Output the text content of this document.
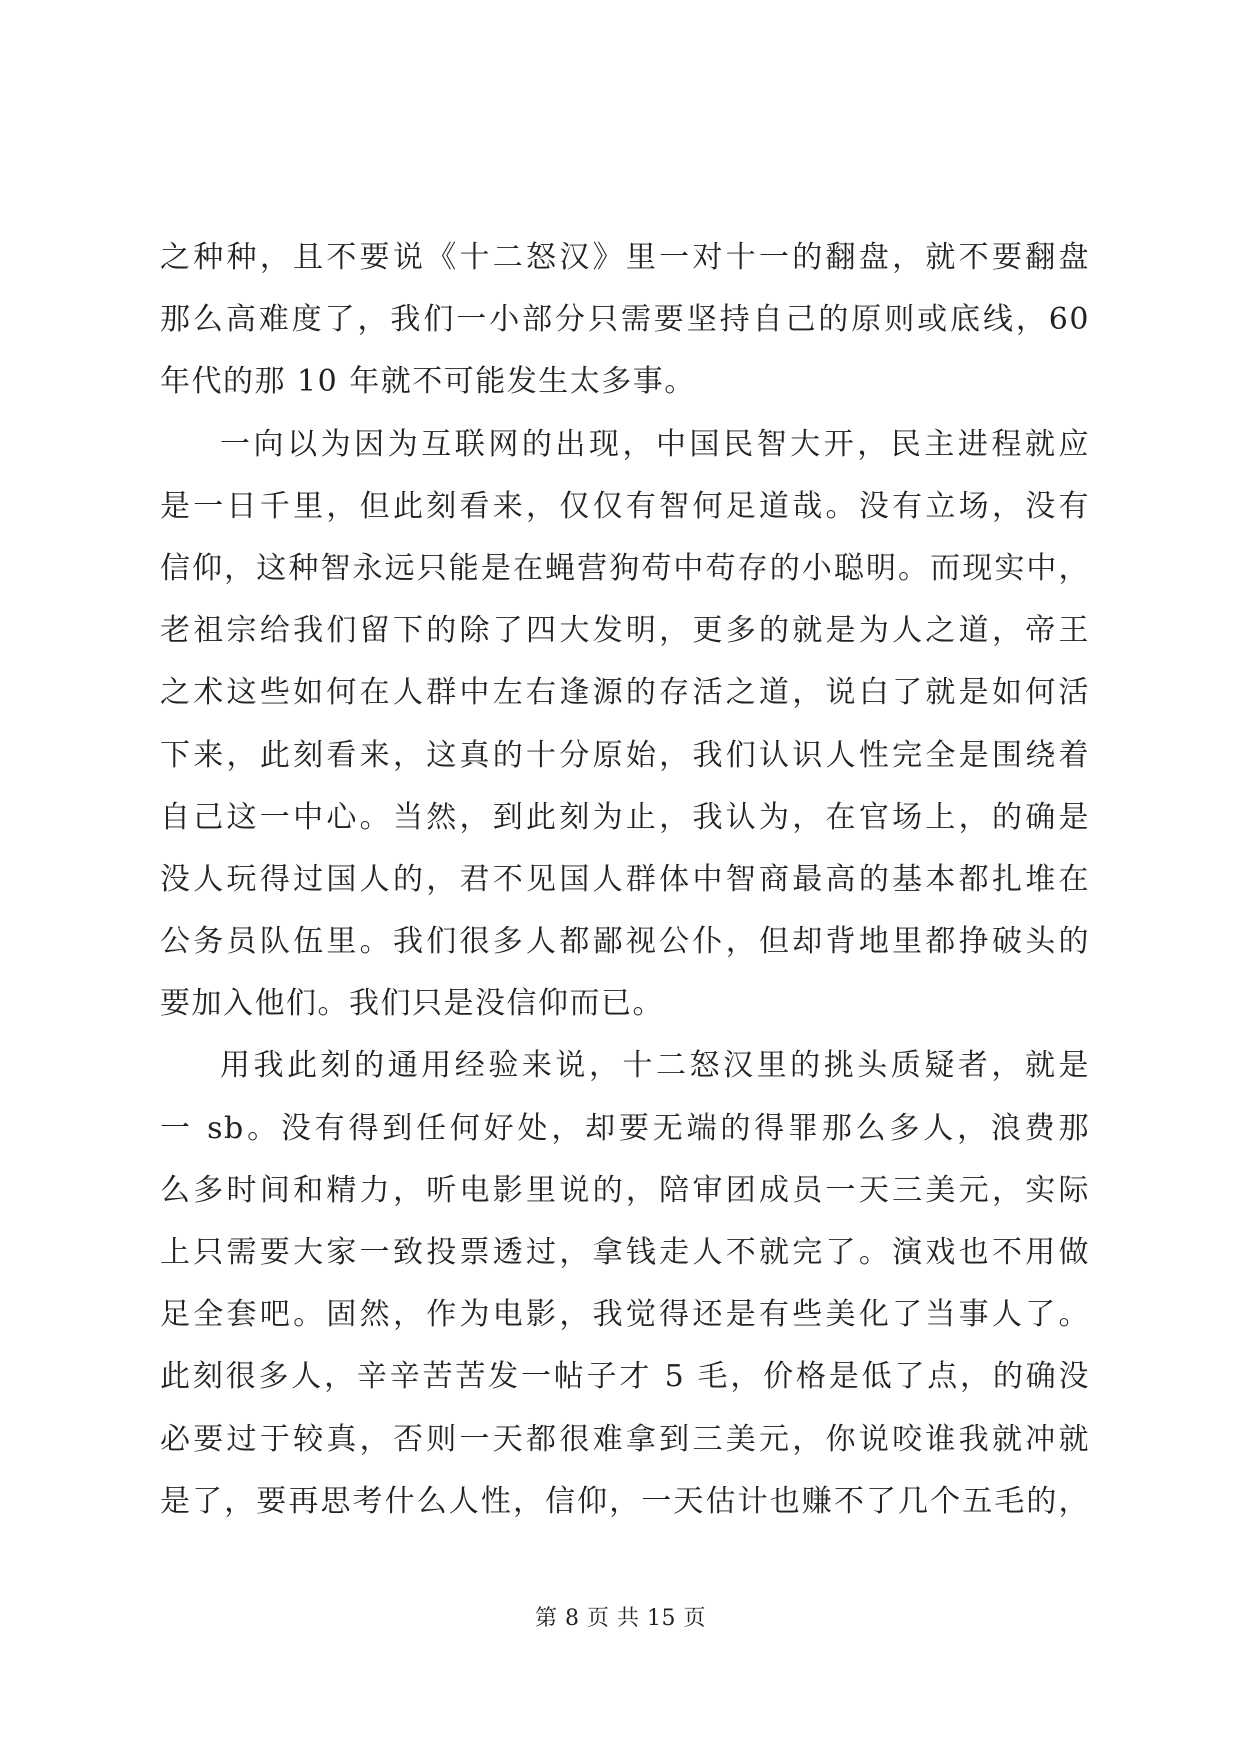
之种种，且不要说《十二怒汉》里一对十一的翻盘，就不要翻盘
那么高难度了，我们一小部分只需要坚持自己的原则或底线，60
年代的那 10 年就不可能发生太多事。
一向以为因为互联网的出现，中国民智大开，民主进程就应
是一日千里，但此刻看来，仅仅有智何足道哉。没有立场，没有
信仰，这种智永远只能是在蝇营狗苟中苟存的小聪明。而现实中，
老祖宗给我们留下的除了四大发明，更多的就是为人之道，帝王
之术这些如何在人群中左右逢源的存活之道，说白了就是如何活
下来，此刻看来，这真的十分原始，我们认识人性完全是围绕着
自己这一中心。当然，到此刻为止，我认为，在官场上，的确是
没人玩得过国人的，君不见国人群体中智商最高的基本都扎堆在
公务员队伍里。我们很多人都鄙视公仆，但却背地里都挣破头的
要加入他们。我们只是没信仰而已。
用我此刻的通用经验来说，十二怒汉里的挑头质疑者，就是
一 sb。没有得到任何好处，却要无端的得罪那么多人，浪费那
么多时间和精力，听电影里说的，陪审团成员一天三美元，实际
上只需要大家一致投票透过，拿钱走人不就完了。演戏也不用做
足全套吧。固然，作为电影，我觉得还是有些美化了当事人了。
此刻很多人，辛辛苦苦发一帖子才 5 毛，价格是低了点，的确没
必要过于较真，否则一天都很难拿到三美元，你说咬谁我就冲就
是了，要再思考什么人性，信仰，一天估计也赚不了几个五毛的，
第 8 页 共 15 页
